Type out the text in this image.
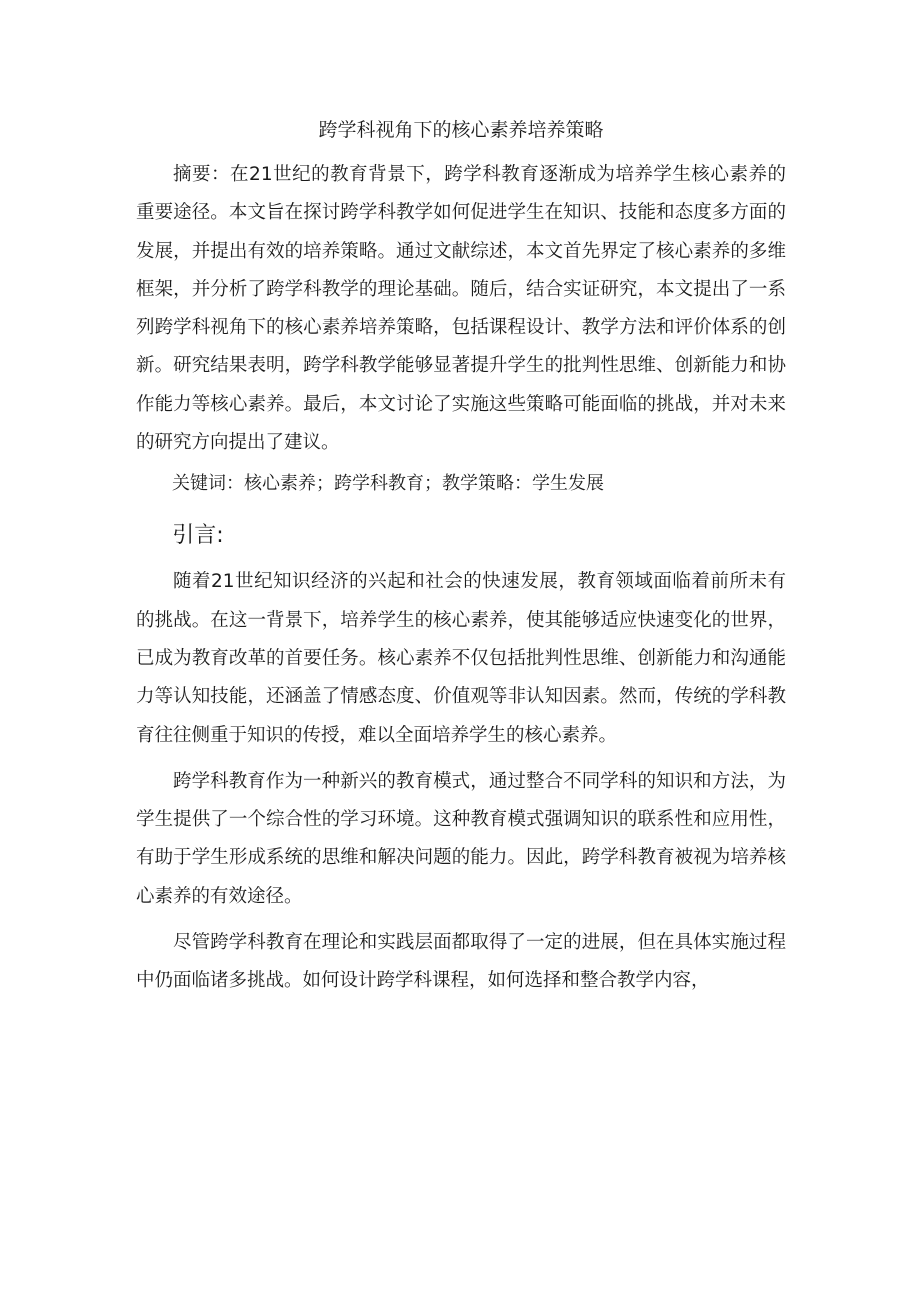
跨学科视角下的核心素养培养策略

摘要：在21世纪的教育背景下，跨学科教育逐渐成为培养学生核心素养的重要途径。本文旨在探讨跨学科教学如何促进学生在知识、技能和态度多方面的发展，并提出有效的培养策略。通过文献综述，本文首先界定了核心素养的多维框架，并分析了跨学科教学的理论基础。随后，结合实证研究，本文提出了一系列跨学科视角下的核心素养培养策略，包括课程设计、教学方法和评价体系的创新。研究结果表明，跨学科教学能够显著提升学生的批判性思维、创新能力和协作能力等核心素养。最后，本文讨论了实施这些策略可能面临的挑战，并对未来的研究方向提出了建议。

关键词：核心素养；跨学科教育；教学策略：学生发展

引言:

随着21世纪知识经济的兴起和社会的快速发展，教育领域面临着前所未有的挑战。在这一背景下，培养学生的核心素养，使其能够适应快速变化的世界，已成为教育改革的首要任务。核心素养不仅包括批判性思维、创新能力和沟通能力等认知技能，还涵盖了情感态度、价值观等非认知因素。然而，传统的学科教育往往侧重于知识的传授，难以全面培养学生的核心素养。

跨学科教育作为一种新兴的教育模式，通过整合不同学科的知识和方法，为学生提供了一个综合性的学习环境。这种教育模式强调知识的联系性和应用性，有助于学生形成系统的思维和解决问题的能力。因此，跨学科教育被视为培养核心素养的有效途径。

尽管跨学科教育在理论和实践层面都取得了一定的进展，但在具体实施过程中仍面临诸多挑战。如何设计跨学科课程，如何选择和整合教学内容，
